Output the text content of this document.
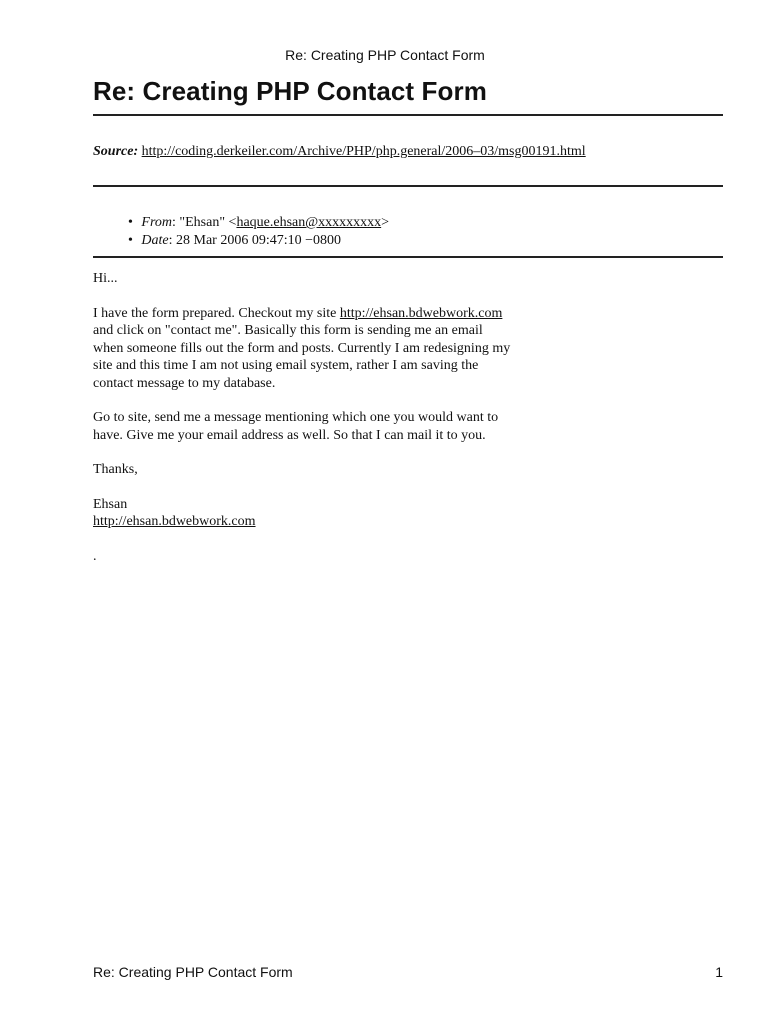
Re: Creating PHP Contact Form
Re: Creating PHP Contact Form
Source: http://coding.derkeiler.com/Archive/PHP/php.general/2006–03/msg00191.html
• From: "Ehsan" <haque.ehsan@xxxxxxxxx>
• Date: 28 Mar 2006 09:47:10 −0800

Hi...

I have the form prepared. Checkout my site http://ehsan.bdwebwork.com and click on "contact me". Basically this form is sending me an email when someone fills out the form and posts. Currently I am redesigning my site and this time I am not using email system, rather I am saving the contact message to my database.

Go to site, send me a message mentioning which one you would want to
have. Give me your email address as well. So that I can mail it to you.

Thanks,

Ehsan
http://ehsan.bdwebwork.com

.

Re: Creating PHP Contact Form	1
